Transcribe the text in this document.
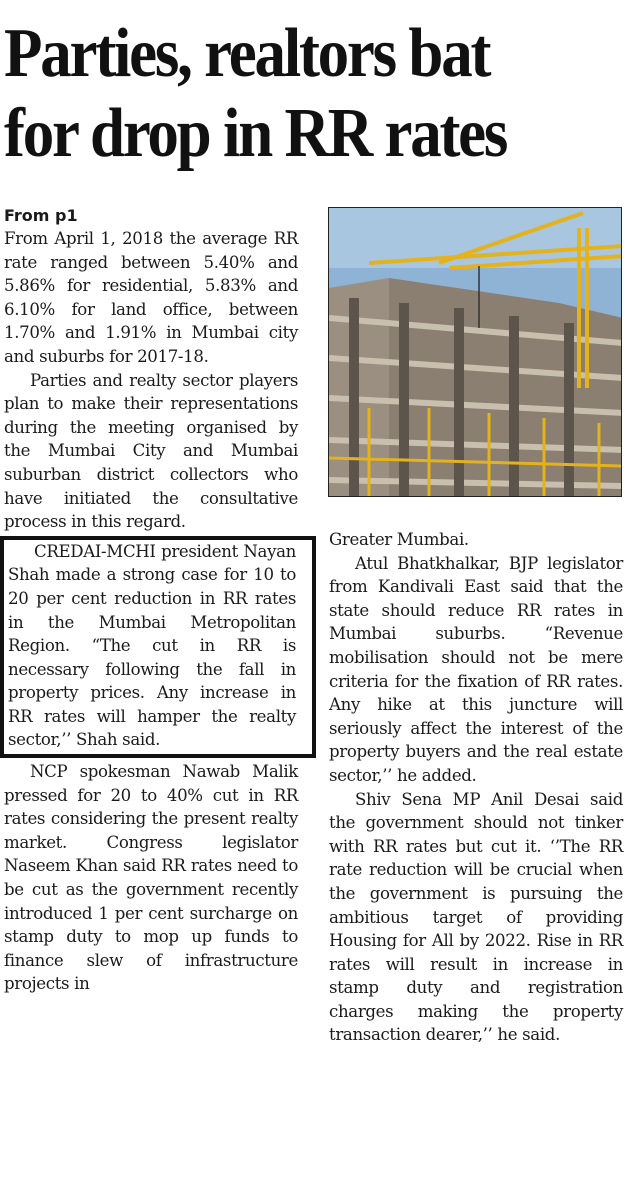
Parties, realtors bat
for drop in RR rates

From p1

From April 1, 2018 the average RR rate ranged between 5.40% and 5.86% for residential, 5.83% and 6.10% for land office, between 1.70% and 1.91% in Mumbai city and suburbs for 2017-18.

Parties and realty sector players plan to make their representations during the meeting organised by the Mumbai City and Mumbai suburban district collectors who have initiated the consultative process in this regard.

CREDAI-MCHI president Nayan Shah made a strong case for 10 to 20 per cent reduction in RR rates in the Mumbai Metropolitan Region. “The cut in RR is necessary following the fall in property prices. Any increase in RR rates will hamper the realty sector,’’ Shah said.

NCP spokesman Nawab Malik pressed for 20 to 40% cut in RR rates considering the present realty market. Congress legislator Naseem Khan said RR rates need to be cut as the government recently introduced 1 per cent surcharge on stamp duty to mop up funds to finance slew of infrastructure projects in

Greater Mumbai.

Atul Bhatkhalkar, BJP legislator from Kandivali East said that the state should reduce RR rates in Mumbai suburbs. “Revenue mobilisation should not be mere criteria for the fixation of RR rates. Any hike at this juncture will seriously affect the interest of the property buyers and the real estate sector,’’ he added.

Shiv Sena MP Anil Desai said the government should not tinker with RR rates but cut it. ‘’The RR rate reduction will be crucial when the government is pursuing the ambitious target of providing Housing for All by 2022. Rise in RR rates will result in increase in stamp duty and registration charges making the property transaction dearer,’’ he said.
